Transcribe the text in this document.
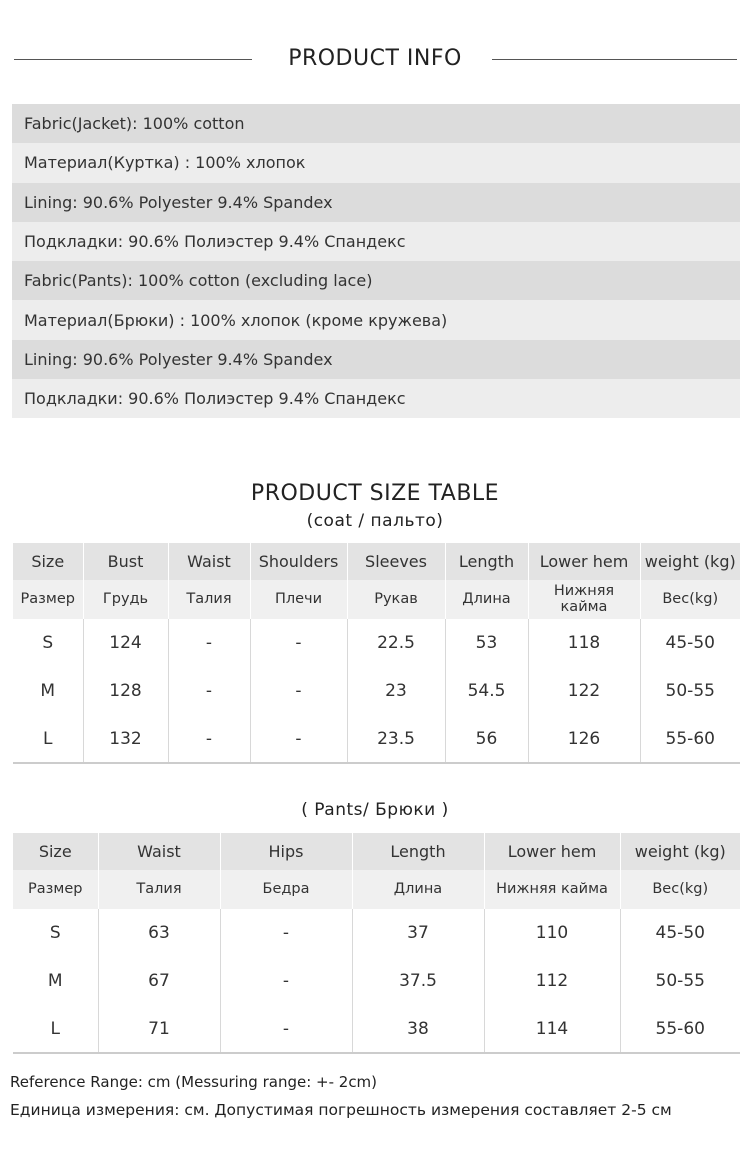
PRODUCT INFO
Fabric(Jacket): 100% cotton
Материал(Куртка) : 100% хлопок
Lining: 90.6% Polyester 9.4% Spandex
Подкладки: 90.6% Полиэстер 9.4% Спандекс
Fabric(Pants): 100% cotton (excluding lace)
Материал(Брюки) : 100% хлопок (кроме кружева)
Lining: 90.6% Polyester 9.4% Spandex
Подкладки: 90.6% Полиэстер 9.4% Спандекс
PRODUCT SIZE TABLE
(coat / пальто)
Size	Bust	Waist	Shoulders	Sleeves	Length	Lower hem	weight (kg)
Размер	Грудь	Талия	Плечи	Рукав	Длина	Нижняя кайма	Вес(kg)
S	124	-	-	22.5	53	118	45-50
M	128	-	-	23	54.5	122	50-55
L	132	-	-	23.5	56	126	55-60
( Pants/ Брюки )
Size	Waist	Hips	Length	Lower hem	weight (kg)
Размер	Талия	Бедра	Длина	Нижняя кайма	Вес(kg)
S	63	-	37	110	45-50
M	67	-	37.5	112	50-55
L	71	-	38	114	55-60
Reference Range: cm (Messuring range: +- 2cm)
Единица измерения: см. Допустимая погрешность измерения составляет 2-5 см
